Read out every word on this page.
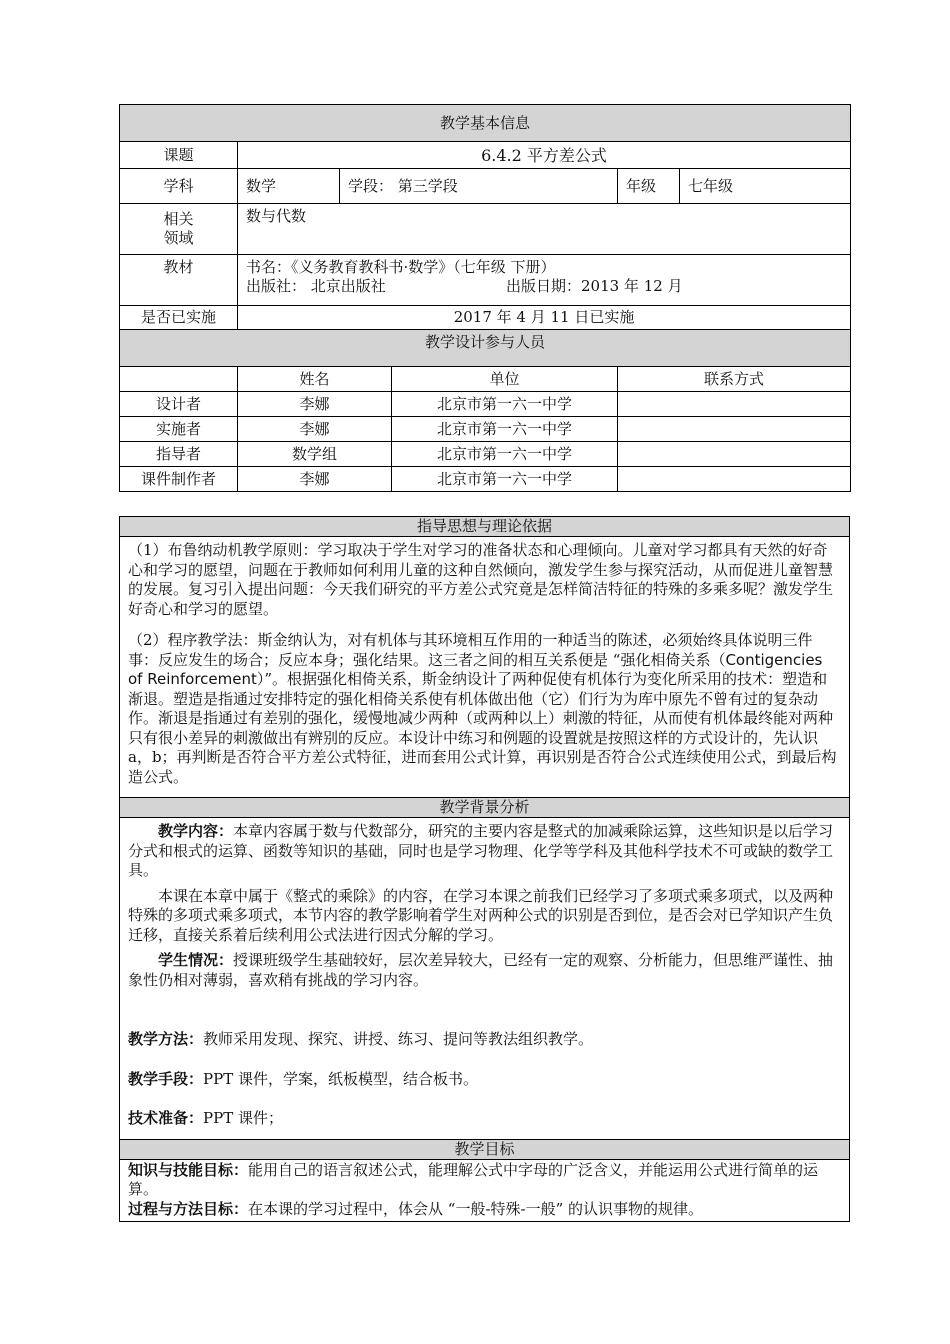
教学基本信息					
课题	6.4.2 平方差公式				
学科	数学	学段： 第三学段		年级	七年级

相关
领域	数与代数				
教材	书名：《义务教育教科书·数学》（七年级 下册）
出版社： 北京出版社 出版日期：2013 年 12 月				

是否已实施	2017 年 4 月 11 日已实施				
教学设计参与人员					
	姓名		单位	联系方式	
设计者	李娜		北京市第一六一中学		
实施者	李娜		北京市第一六一中学		
指导者	数学组		北京市第一六一中学		
课件制作者	李娜		北京市第一六一中学		
指导思想与理论依据

（1）布鲁纳动机教学原则：学习取决于学生对学习的准备状态和心理倾向。儿童对学习都具有天然的好奇心和学习的愿望，问题在于教师如何利用儿童的这种自然倾向，激发学生参与探究活动，从而促进儿童智慧的发展。复习引入提出问题：今天我们研究的平方差公式究竟是怎样简洁特征的特殊的多乘多呢？激发学生好奇心和学习的愿望。

（2）程序教学法：斯金纳认为，对有机体与其环境相互作用的一种适当的陈述，必须始终具体说明三件事：反应发生的场合；反应本身；强化结果。这三者之间的相互关系便是 “强化相倚关系（Contigencies of Reinforcement）”。根据强化相倚关系，斯金纳设计了两种促使有机体行为变化所采用的技术：塑造和渐退。塑造是指通过安排特定的强化相倚关系使有机体做出他（它）们行为为库中原先不曾有过的复杂动作。渐退是指通过有差别的强化，缓慢地减少两种（或两种以上）刺激的特征，从而使有机体最终能对两种只有很小差异的刺激做出有辨别的反应。本设计中练习和例题的设置就是按照这样的方式设计的，先认识 a，b；再判断是否符合平方差公式特征，进而套用公式计算，再识别是否符合公式连续使用公式，到最后构造公式。

教学背景分析

教学内容：本章内容属于数与代数部分，研究的主要内容是整式的加减乘除运算，这些知识是以后学习分式和根式的运算、函数等知识的基础，同时也是学习物理、化学等学科及其他科学技术不可或缺的数学工具。

本课在本章中属于《整式的乘除》的内容，在学习本课之前我们已经学习了多项式乘多项式，以及两种特殊的多项式乘多项式，本节内容的教学影响着学生对两种公式的识别是否到位，是否会对已学知识产生负迁移，直接关系着后续利用公式法进行因式分解的学习。

学生情况：授课班级学生基础较好，层次差异较大，已经有一定的观察、分析能力，但思维严谨性、抽象性仍相对薄弱，喜欢稍有挑战的学习内容。

教学方法：教师采用发现、探究、讲授、练习、提问等教法组织教学。

教学手段：PPT 课件，学案，纸板模型，结合板书。

技术准备：PPT 课件；

教学目标

知识与技能目标：能用自己的语言叙述公式，能理解公式中字母的广泛含义，并能运用公式进行简单的运算。

过程与方法目标：在本课的学习过程中，体会从 “一般-特殊-一般” 的认识事物的规律。
